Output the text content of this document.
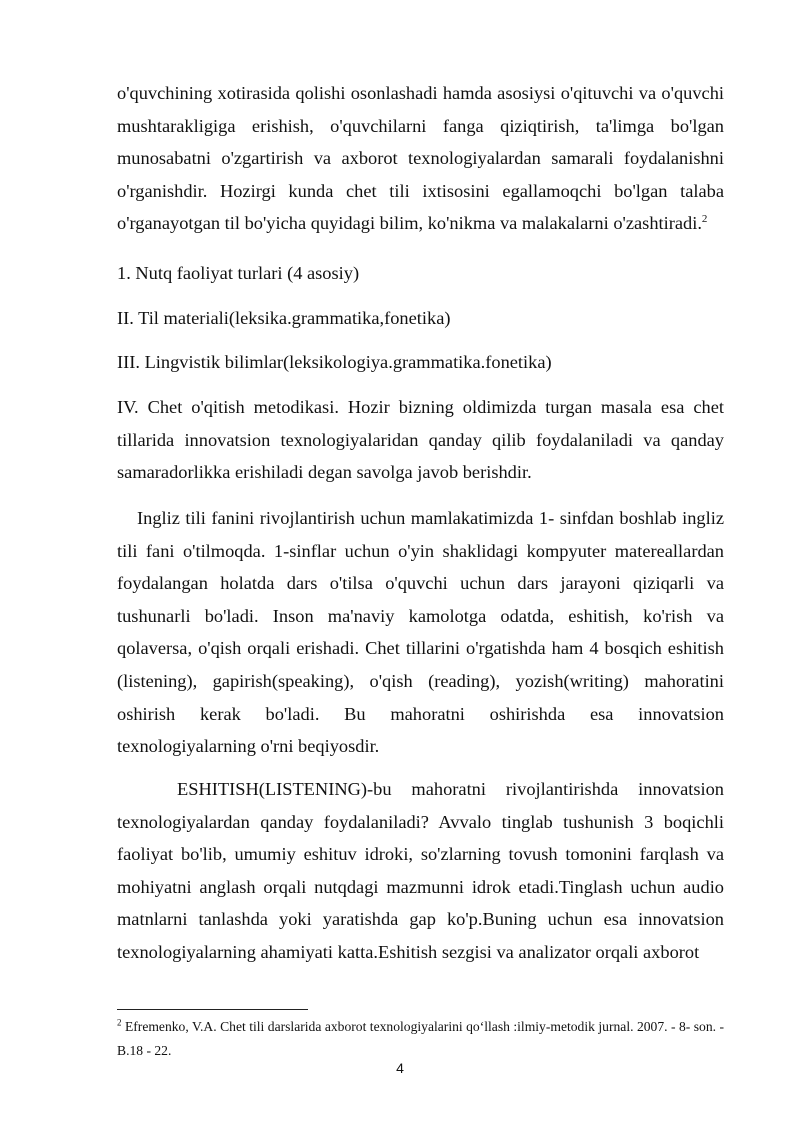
o'quvchining xotirasida qolishi osonlashadi hamda asosiysi o'qituvchi va o'quvchi mushtarakligiga erishish, o'quvchilarni fanga qiziqtirish, ta'limga bo'lgan munosabatni o'zgartirish va axborot texnologiyalardan samarali foydalanishni o'rganishdir. Hozirgi kunda chet tili ixtisosini egallamoqchi bo'lgan talaba o'rganayotgan til bo'yicha quyidagi bilim, ko'nikma va malakalarni o'zashtiradi.$^2$

1. Nutq faoliyat turlari (4 asosiy)

II. Til materiali(leksika.grammatika,fonetika)

III. Lingvistik bilimlar(leksikologiya.grammatika.fonetika)

IV. Chet o'qitish metodikasi. Hozir bizning oldimizda turgan masala esa chet tillarida innovatsion texnologiyalaridan qanday qilib foydalaniladi va qanday samaradorlikka erishiladi degan savolga javob berishdir.

Ingliz tili fanini rivojlantirish uchun mamlakatimizda 1- sinfdan boshlab ingliz tili fani o'tilmoqda. 1-sinflar uchun o'yin shaklidagi kompyuter matereallardan foydalangan holatda dars o'tilsa o'quvchi uchun dars jarayoni qiziqarli va tushunarli bo'ladi. Inson ma'naviy kamolotga odatda, eshitish, ko'rish va qolaversa, o'qish orqali erishadi. Chet tillarini o'rgatishda ham 4 bosqich eshitish (listening), gapirish(speaking), o'qish (reading), yozish(writing) mahoratini oshirish kerak bo'ladi. Bu mahoratni oshirishda esa innovatsion texnologiyalarning o'rni beqiyosdir.

ESHITISH(LISTENING)-bu mahoratni rivojlantirishda innovatsion texnologiyalardan qanday foydalaniladi? Avvalo tinglab tushunish 3 boqichli faoliyat bo'lib, umumiy eshituv idroki, so'zlarning tovush tomonini farqlash va mohiyatni anglash orqali nutqdagi mazmunni idrok etadi.Tinglash uchun audio matnlarni tanlashda yoki yaratishda gap ko'p.Buning uchun esa innovatsion texnologiyalarning ahamiyati katta.Eshitish sezgisi va analizator orqali axborot

$^2$ Efremenko, V.A. Chet tili darslarida axborot texnologiyalarini qo‘llash :ilmiy-metodik jurnal. 2007. - 8- son. - B.18 - 22.

4
